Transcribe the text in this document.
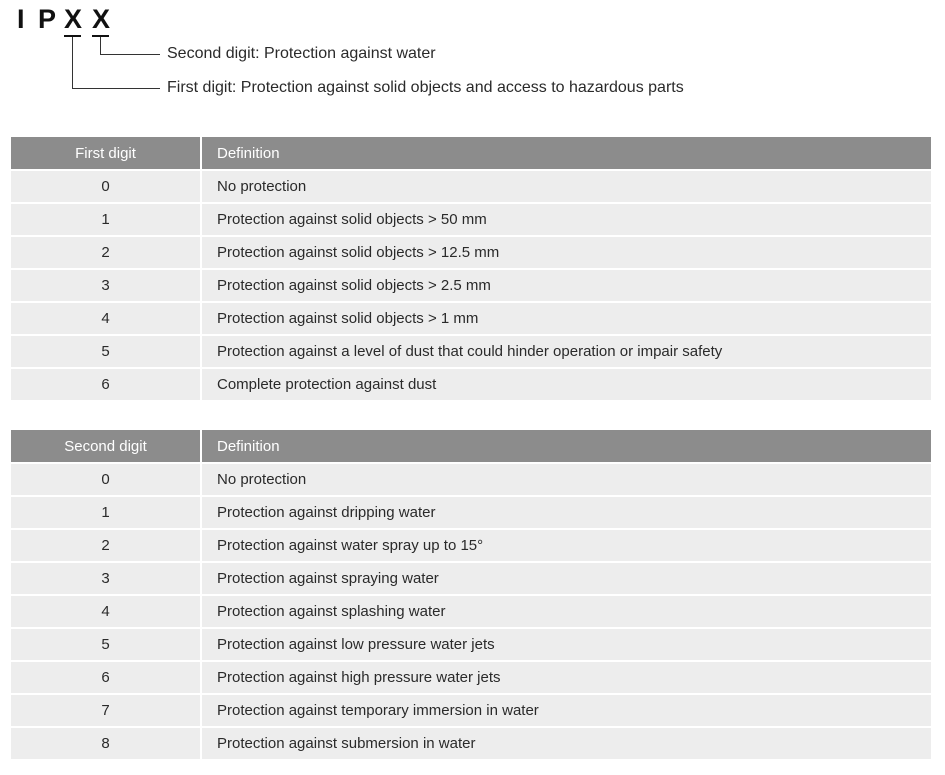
I P X X
Second digit: Protection against water
First digit: Protection against solid objects and access to hazardous parts
First digit	Definition
0	No protection
1	Protection against solid objects > 50 mm
2	Protection against solid objects > 12.5 mm
3	Protection against solid objects > 2.5 mm
4	Protection against solid objects > 1 mm
5	Protection against a level of dust that could hinder operation or impair safety
6	Complete protection against dust
Second digit	Definition
0	No protection
1	Protection against dripping water
2	Protection against water spray up to 15°
3	Protection against spraying water
4	Protection against splashing water
5	Protection against low pressure water jets
6	Protection against high pressure water jets
7	Protection against temporary immersion in water
8	Protection against submersion in water
